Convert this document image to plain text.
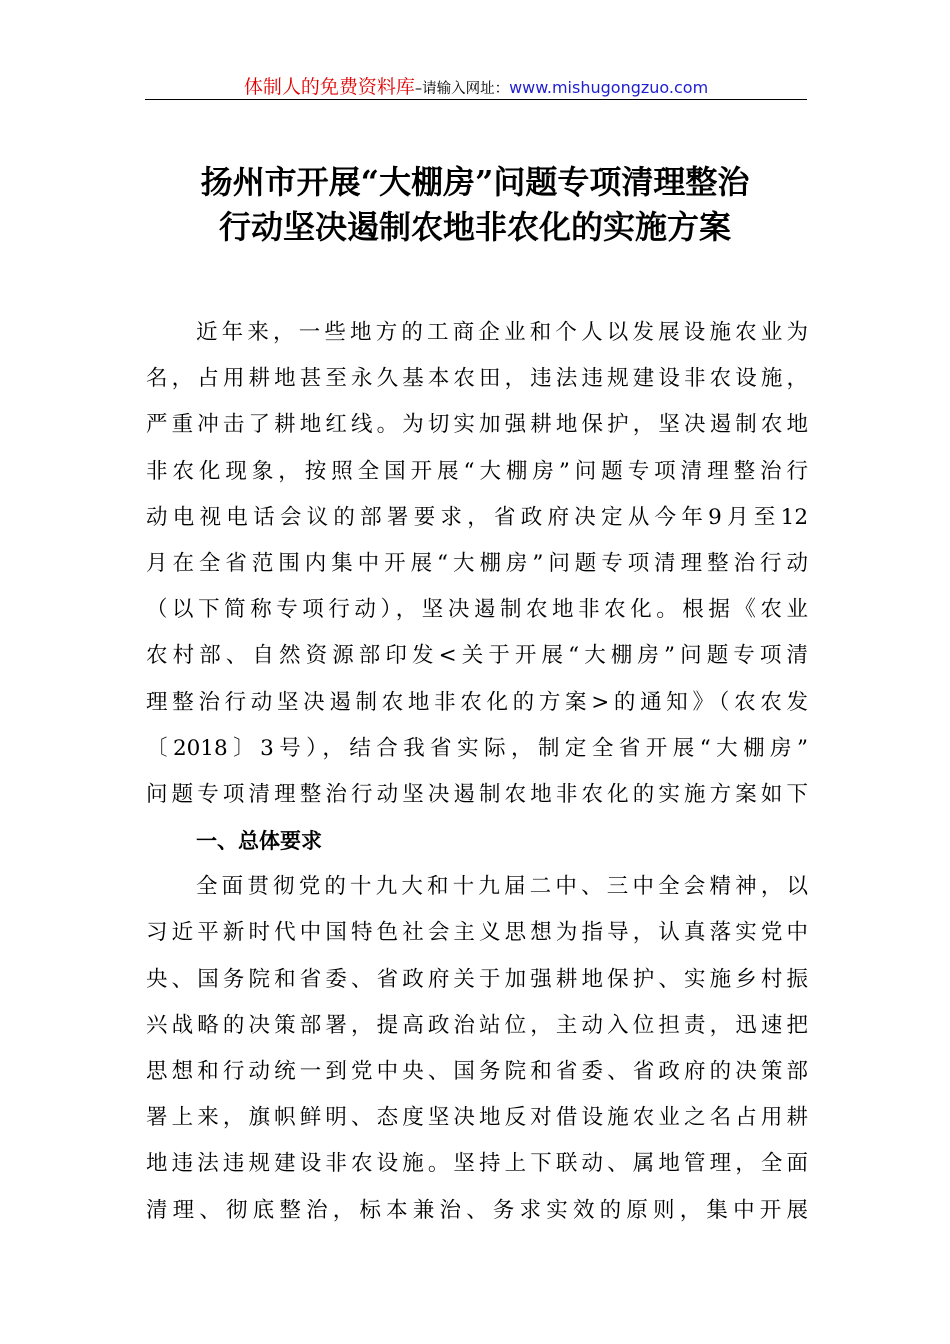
体制人的免费资料库–请输入网址：www.mishugongzuo.com
扬州市开展“大棚房”问题专项清理整治
行动坚决遏制农地非农化的实施方案
近年来，一些地方的工商企业和个人以发展设施农业为
名，占用耕地甚至永久基本农田，违法违规建设非农设施，
严重冲击了耕地红线。为切实加强耕地保护，坚决遏制农地
非农化现象，按照全国开展“大棚房”问题专项清理整治行
动电视电话会议的部署要求，省政府决定从今年9月至12
月在全省范围内集中开展“大棚房”问题专项清理整治行动
（以下简称专项行动），坚决遏制农地非农化。根据《农业
农村部、自然资源部印发<关于开展“大棚房”问题专项清
理整治行动坚决遏制农地非农化的方案>的通知》（农农发
〔2018〕3号），结合我省实际，制定全省开展“大棚房”
问题专项清理整治行动坚决遏制农地非农化的实施方案如下
一、总体要求
全面贯彻党的十九大和十九届二中、三中全会精神，以
习近平新时代中国特色社会主义思想为指导，认真落实党中
央、国务院和省委、省政府关于加强耕地保护、实施乡村振
兴战略的决策部署，提高政治站位，主动入位担责，迅速把
思想和行动统一到党中央、国务院和省委、省政府的决策部
署上来，旗帜鲜明、态度坚决地反对借设施农业之名占用耕
地违法违规建设非农设施。坚持上下联动、属地管理，全面
清理、彻底整治，标本兼治、务求实效的原则，集中开展
